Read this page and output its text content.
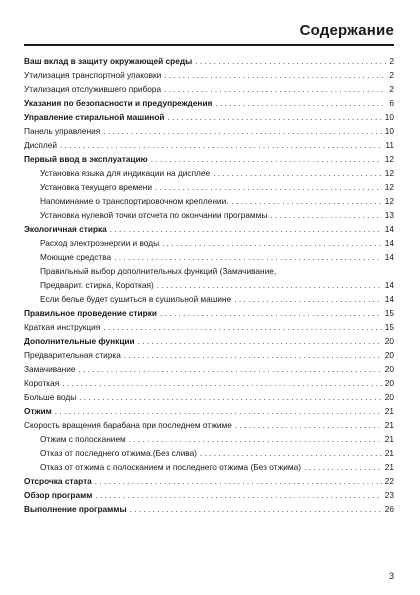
Содержание
Ваш вклад в защиту окружающей среды . . .	2
Утилизация транспортной упаковки . . .	2
Утилизация отслужившего прибора . . .	2
Указания по безопасности и предупреждения . . .	6
Управление стиральной машиной . . .	10
Панель управления . . .	10
Дисплей . . .	11
Первый ввод в эксплуатацию . . .	12
Установка языка для индикации на дисплее . . .	12
Установка текущего времени . . .	12
Напоминание о транспортировочном креплении. . . .	12
Установка нулевой точки отсчета по окончании программы . . .	13
Экологичная стирка . . .	14
Расход электроэнергии и воды . . .	14
Моющие средства . . .	14
Правильный выбор дополнительных функций (Замачивание,
Предварит. стирка, Короткая) . . .	14
Если белье будет сушиться в сушильной машине . . .	14
Правильное проведение стирки . . .	15
Краткая инструкция . . .	15
Дополнительные функции . . .	20
Предварительная стирка . . .	20
Замачивание . . .	20
Короткая . . .	20
Больше воды . . .	20
Отжим . . .	21
Скорость вращения барабана при последнем отжиме . . .	21
Отжим с полосканием . . .	21
Отказ от последнего отжима.(Без слива) . . .	21
Отказ от отжима с полосканием и последнего отжима (Без отжима) . . .	21
Отсрочка старта . . .	22
Обзор программ . . .	23
Выполнение программы . . .	26
3
